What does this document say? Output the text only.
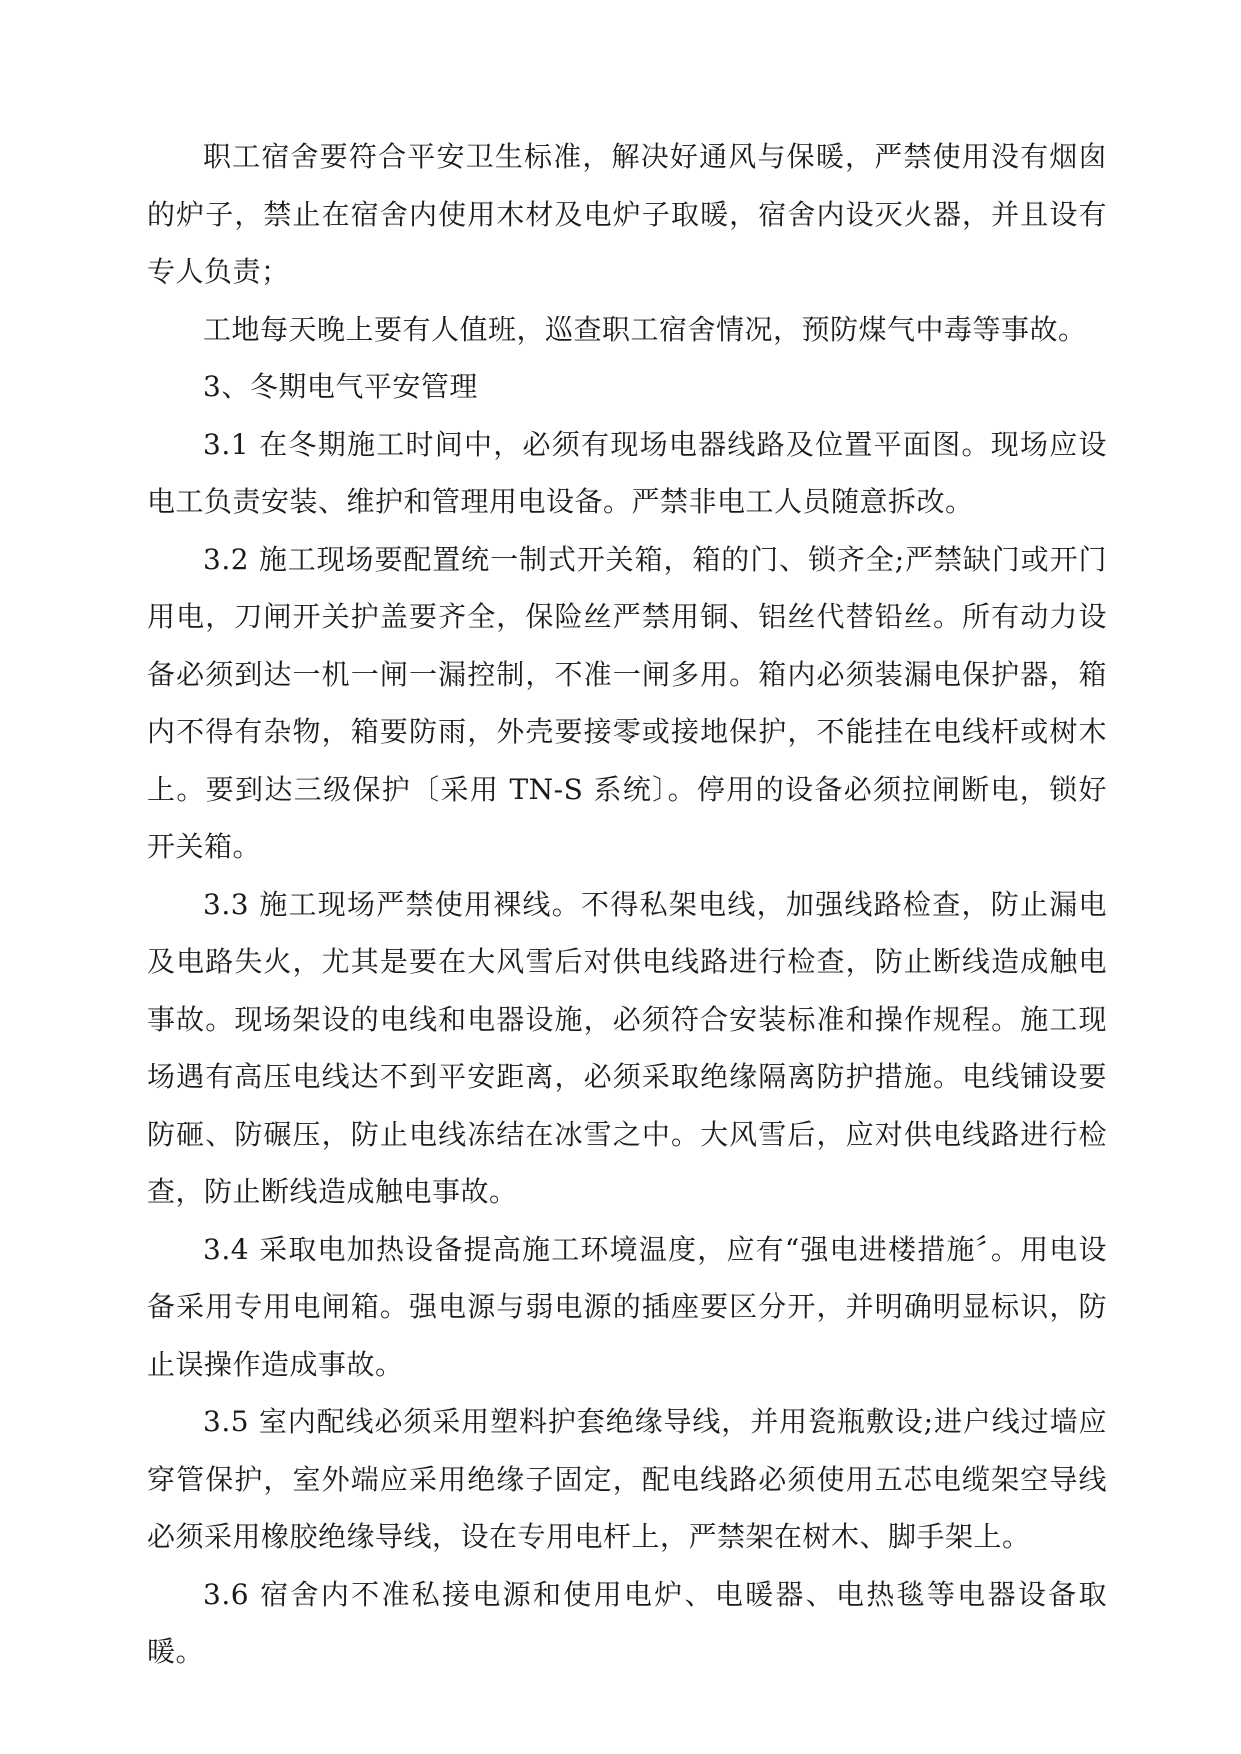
职工宿舍要符合平安卫生标准，解决好通风与保暖，严禁使用没有烟囱的炉子，禁止在宿舍内使用木材及电炉子取暖，宿舍内设灭火器，并且设有专人负责；

工地每天晚上要有人值班，巡查职工宿舍情况，预防煤气中毒等事故。

3、冬期电气平安管理

3.1 在冬期施工时间中，必须有现场电器线路及位置平面图。现场应设电工负责安装、维护和管理用电设备。严禁非电工人员随意拆改。

3.2 施工现场要配置统一制式开关箱，箱的门、锁齐全;严禁缺门或开门用电，刀闸开关护盖要齐全，保险丝严禁用铜、铝丝代替铅丝。所有动力设备必须到达一机一闸一漏控制，不准一闸多用。箱内必须装漏电保护器，箱内不得有杂物，箱要防雨，外壳要接零或接地保护，不能挂在电线杆或树木上。要到达三级保护〔采用 TN-S 系统〕。停用的设备必须拉闸断电，锁好开关箱。

3.3 施工现场严禁使用裸线。不得私架电线，加强线路检查，防止漏电及电路失火，尤其是要在大风雪后对供电线路进行检查，防止断线造成触电事故。现场架设的电线和电器设施，必须符合安装标准和操作规程。施工现场遇有高压电线达不到平安距离，必须采取绝缘隔离防护措施。电线铺设要防砸、防碾压，防止电线冻结在冰雪之中。大风雪后，应对供电线路进行检查，防止断线造成触电事故。

3.4 采取电加热设备提高施工环境温度，应有“强电进楼措施〞。用电设备采用专用电闸箱。强电源与弱电源的插座要区分开，并明确明显标识，防止误操作造成事故。

3.5 室内配线必须采用塑料护套绝缘导线，并用瓷瓶敷设;进户线过墙应穿管保护，室外端应采用绝缘子固定，配电线路必须使用五芯电缆架空导线必须采用橡胶绝缘导线，设在专用电杆上，严禁架在树木、脚手架上。

3.6 宿舍内不准私接电源和使用电炉、电暖器、电热毯等电器设备取暖。
